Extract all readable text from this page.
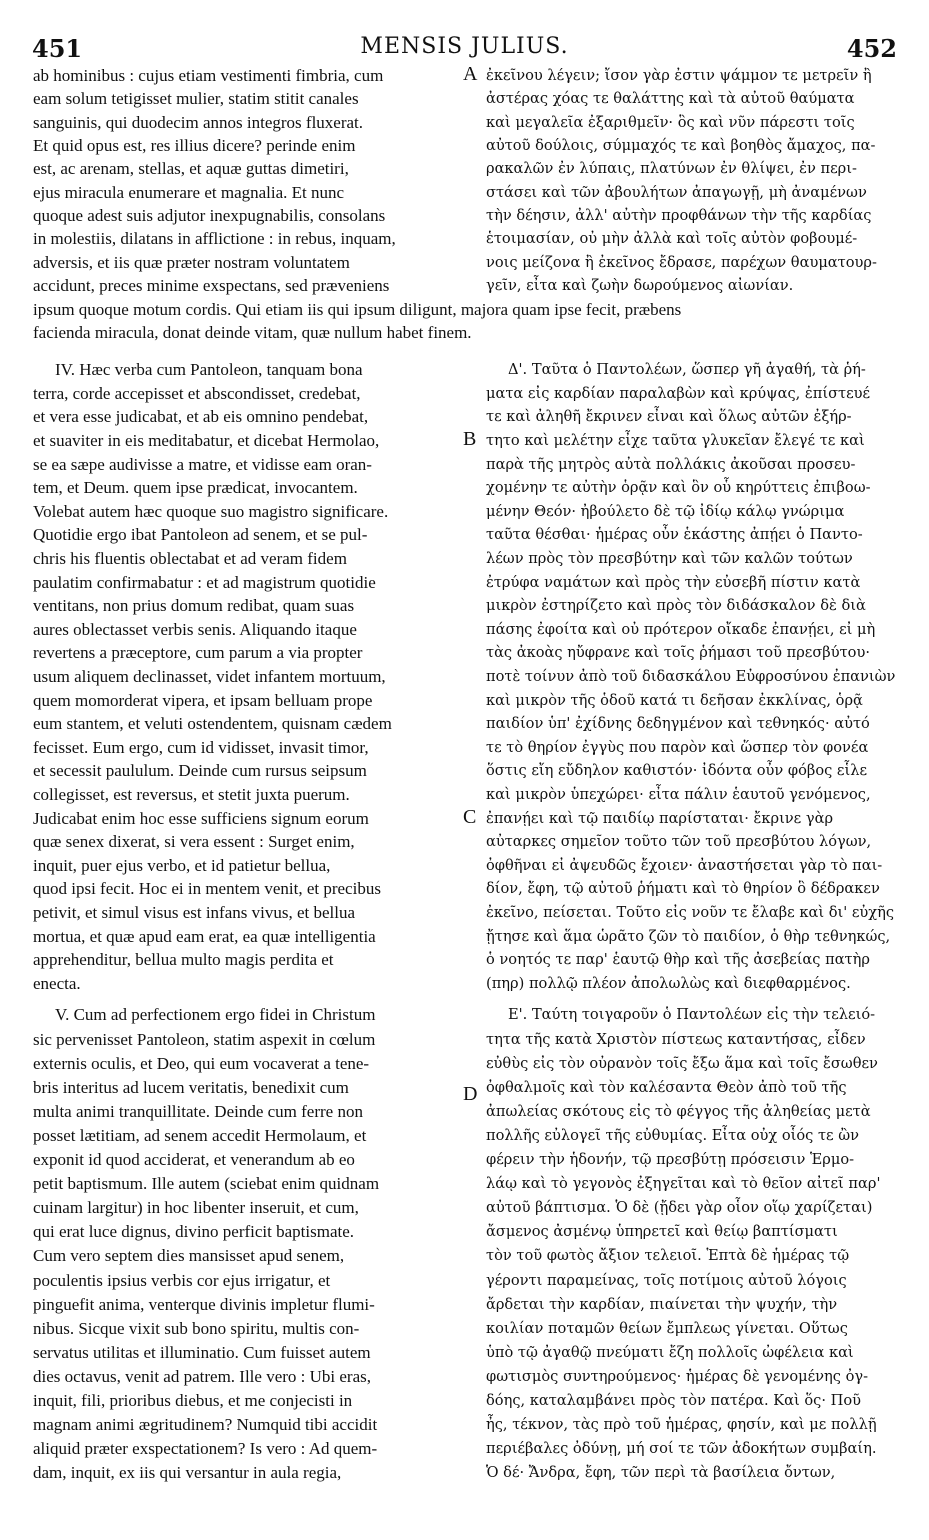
451	MENSIS JULIUS.	452
ab hominibus : cujus etiam vestimenti fimbria, cum
eam solum tetigisset mulier, statim stitit canales
sanguinis, qui duodecim annos integros fluxerat.
Et quid opus est, res illius dicere? perinde enim
est, ac arenam, stellas, et aquæ guttas dimetiri,
ejus miracula enumerare et magnalia. Et nunc
quoque adest suis adjutor inexpugnabilis, consolans
in molestiis, dilatans in afflictione : in rebus, inquam,
adversis, et iis quæ præter nostram voluntatem
accidunt, preces minime exspectans, sed præveniens
ἐκεῖνου λέγειν; ἴσον γὰρ ἐστιν ψάμμον τε μετρεῖν ἢ
ἀστέρας χόας τε θαλάττης καὶ τὰ αὐτοῦ θαύματα
καὶ μεγαλεῖα ἐξαριθμεῖν· ὃς καὶ νῦν πάρεστι τοῖς
αὐτοῦ δούλοις, σύμμαχός τε καὶ βοηθὸς ἄμαχος, πα-
ρακαλῶν ἐν λύπαις, πλατύνων ἐν θλίψει, ἐν περι-
στάσει καὶ τῶν ἀβουλήτων ἀπαγωγῇ, μὴ ἀναμένων
τὴν δέησιν, ἀλλ' αὐτὴν προφθάνων τὴν τῆς καρδίας
ἑτοιμασίαν, οὐ μὴν ἀλλὰ καὶ τοῖς αὐτὸν φοβουμέ-
νοις μείζονα ἢ ἐκεῖνος ἔδρασε, παρέχων θαυματουρ-
γεῖν, εἶτα καὶ ζωὴν δωρούμενος αἰωνίαν.
ipsum quoque motum cordis. Qui etiam iis qui ipsum diligunt, majora quam ipse fecit, præbens
facienda miracula, donat deinde vitam, quæ nullum habet finem.
IV. Hæc verba cum Pantoleon, tanquam bona
terra, corde accepisset et abscondisset, credebat,
et vera esse judicabat, et ab eis omnino pendebat,
et suaviter in eis meditabatur, et dicebat Hermolao,
se ea sæpe audivisse a matre, et vidisse eam oran-
tem, et Deum. quem ipse prædicat, invocantem.
Volebat autem hæc quoque suo magistro significare.
Quotidie ergo ibat Pantoleon ad senem, et se pul-
chris his fluentis oblectabat et ad veram fidem
paulatim confirmabatur : et ad magistrum quotidie
ventitans, non prius domum redibat, quam suas
aures oblectasset verbis senis. Aliquando itaque
revertens a præceptore, cum parum a via propter
usum aliquem declinasset, videt infantem mortuum,
quem momorderat vipera, et ipsam belluam prope
eum stantem, et veluti ostendentem, quisnam cædem
fecisset. Eum ergo, cum id vidisset, invasit timor,
et secessit paululum. Deinde cum rursus seipsum
collegisset, est reversus, et stetit juxta puerum.
Judicabat enim hoc esse sufficiens signum eorum
quæ senex dixerat, si vera essent : Surget enim,
inquit, puer ejus verbo, et id patietur bellua,
quod ipsi fecit. Hoc ei in mentem venit, et precibus
petivit, et simul visus est infans vivus, et bellua
mortua, et quæ apud eam erat, ea quæ intelligentia
apprehenditur, bellua multo magis perdita et
enecta.
Δ'. Ταῦτα ὁ Παντολέων, ὥσπερ γῆ ἀγαθή, τὰ ῥή-
ματα εἰς καρδίαν παραλαβὼν καὶ κρύψας, ἐπίστευέ
τε καὶ ἀληθῆ ἔκρινεν εἶναι καὶ ὅλως αὐτῶν ἐξήρ-
τητο καὶ μελέτην εἶχε ταῦτα γλυκεῖαν ἔλεγέ τε καὶ
παρὰ τῆς μητρὸς αὐτὰ πολλάκις ἀκοῦσαι προσευ-
χομένην τε αὐτὴν ὁρᾷν καὶ ὃν οὗ κηρύττεις ἐπιβοω-
μένην Θεόν· ἠβούλετο δὲ τῷ ἰδίῳ κάλῳ γνώριμα
ταῦτα θέσθαι· ἡμέρας οὖν ἑκάστης ἀπῄει ὁ Παντο-
λέων πρὸς τὸν πρεσβύτην καὶ τῶν καλῶν τούτων
ἐτρύφα ναμάτων καὶ πρὸς τὴν εὐσεβῆ πίστιν κατὰ
μικρὸν ἐστηρίζετο καὶ πρὸς τὸν διδάσκαλον δὲ διὰ
πάσης ἐφοίτα καὶ οὐ πρότερον οἴκαδε ἐπανῄει, εἰ μὴ
τὰς ἀκοὰς ηὔφρανε καὶ τοῖς ῥήμασι τοῦ πρεσβύτου·
ποτὲ τοίνυν ἀπὸ τοῦ διδασκάλου Εὐφροσύνου ἐπανιὼν
καὶ μικρὸν τῆς ὁδοῦ κατά τι δεῆσαν ἐκκλίνας, ὁρᾷ
παιδίον ὑπ' ἐχίδνης δεδηγμένον καὶ τεθνηκός· αὐτό
τε τὸ θηρίον ἐγγὺς που παρὸν καὶ ὥσπερ τὸν φονέα
ὅστις εἴη εὔδηλον καθιστόν· ἰδόντα οὖν φόβος εἷλε
καὶ μικρὸν ὑπεχώρει· εἶτα πάλιν ἑαυτοῦ γενόμενος,
ἐπανῄει καὶ τῷ παιδίῳ παρίσταται· ἔκρινε γὰρ
αὐταρκες σημεῖον τοῦτο τῶν τοῦ πρεσβύτου λόγων,
ὀφθῆναι εἰ ἀψευδῶς ἔχοιεν· ἀναστήσεται γὰρ τὸ παι-
δίον, ἔφη, τῷ αὐτοῦ ῥήματι καὶ τὸ θηρίον ὃ δέδρακεν
ἐκεῖνο, πείσεται. Τοῦτο εἰς νοῦν τε ἔλαβε καὶ δι' εὐχῆς
ᾔτησε καὶ ἅμα ὡρᾶτο ζῶν τὸ παιδίον, ὁ θὴρ τεθνηκώς,
ὁ νοητός τε παρ' ἑαυτῷ θὴρ καὶ τῆς ἀσεβείας πατὴρ
(πηρ) πολλῷ πλέον ἀπολωλὼς καὶ διεφθαρμένος.
V. Cum ad perfectionem ergo fidei in Christum
sic pervenisset Pantoleon, statim aspexit in cœlum
externis oculis, et Deo, qui eum vocaverat a tene-
bris interitus ad lucem veritatis, benedixit cum
multa animi tranquillitate. Deinde cum ferre non
posset lætitiam, ad senem accedit Hermolaum, et
exponit id quod acciderat, et venerandum ab eo
petit baptismum. Ille autem (sciebat enim quidnam
cuinam largitur) in hoc libenter inseruit, et cum,
qui erat luce dignus, divino perficit baptismate.
Cum vero septem dies mansisset apud senem,
poculentis ipsius verbis cor ejus irrigatur, et
pinguefit anima, venterque divinis impletur flumi-
nibus. Sicque vixit sub bono spiritu, multis con-
servatus utilitas et illuminatio. Cum fuisset autem
dies octavus, venit ad patrem. Ille vero : Ubi eras,
inquit, fili, prioribus diebus, et me conjecisti in
magnam animi ægritudinem? Numquid tibi accidit
aliquid præter exspectationem? Is vero : Ad quem-
dam, inquit, ex iis qui versantur in aula regia,
Ε'. Ταύτη τοιγαροῦν ὁ Παντολέων εἰς τὴν τελειό-
τητα τῆς κατὰ Χριστὸν πίστεως καταντήσας, εἶδεν
εὐθὺς εἰς τὸν οὐρανὸν τοῖς ἔξω ἅμα καὶ τοῖς ἔσωθεν
ὀφθαλμοῖς καὶ τὸν καλέσαντα Θεὸν ἀπὸ τοῦ τῆς
ἀπωλείας σκότους εἰς τὸ φέγγος τῆς ἀληθείας μετὰ
πολλῆς εὐλογεῖ τῆς εὐθυμίας. Εἶτα οὐχ οἷός τε ὢν
φέρειν τὴν ἡδονήν, τῷ πρεσβύτῃ πρόσεισιν Ἑρμο-
λάῳ καὶ τὸ γεγονὸς ἐξηγεῖται καὶ τὸ θεῖον αἰτεῖ παρ'
αὐτοῦ βάπτισμα. Ὁ δὲ (ᾔδει γὰρ οἷον οἵῳ χαρίζεται)
ἄσμενος ἀσμένῳ ὑπηρετεῖ καὶ θείῳ βαπτίσματι
τὸν τοῦ φωτὸς ἄξιον τελειοῖ. Ἑπτὰ δὲ ἡμέρας τῷ
γέροντι παραμείνας, τοῖς ποτίμοις αὐτοῦ λόγοις
ἄρδεται τὴν καρδίαν, πιαίνεται τὴν ψυχήν, τὴν
κοιλίαν ποταμῶν θείων ἔμπλεως γίνεται. Οὕτως
ὑπὸ τῷ ἀγαθῷ πνεύματι ἔζη πολλοῖς ὠφέλεια καὶ
φωτισμὸς συντηρούμενος· ἡμέρας δὲ γενομένης ὀγ-
δόης, καταλαμβάνει πρὸς τὸν πατέρα. Καὶ ὅς· Ποῦ
ἦς, τέκνον, τὰς πρὸ τοῦ ἡμέρας, φησίν, καὶ με πολλῇ
περιέβαλες ὀδύνῃ, μή σοί τε τῶν ἀδοκήτων συμβαίη.
Ὁ δέ· Ἄνδρα, ἔφη, τῶν περὶ τὰ βασίλεια ὄντων,
A
B
C
D
